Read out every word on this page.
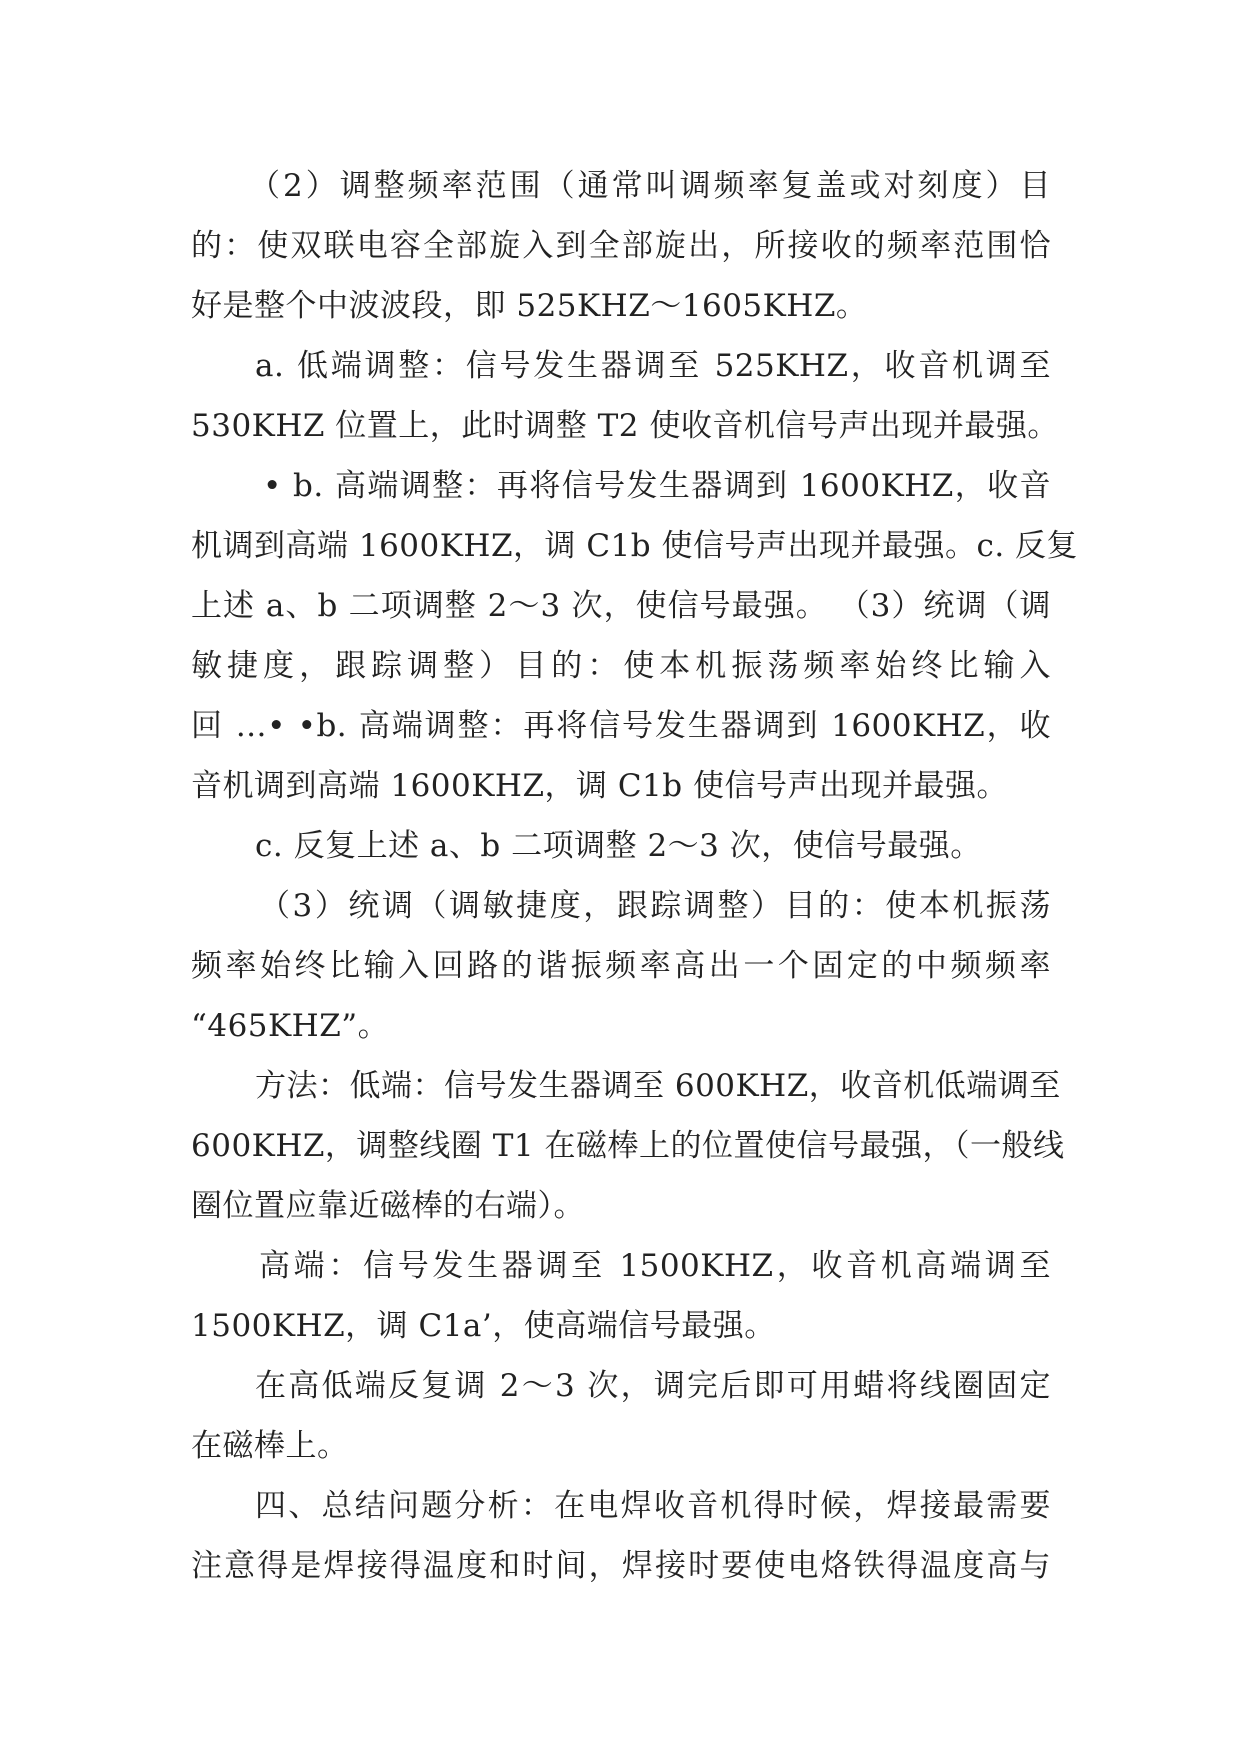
（2）调整频率范围（通常叫调频率复盖或对刻度）目
的：使双联电容全部旋入到全部旋出，所接收的频率范围恰
好是整个中波波段，即 525KHZ～1605KHZ。
a. 低端调整：信号发生器调至 525KHZ，收音机调至
530KHZ 位置上，此时调整 T2 使收音机信号声出现并最强。
• b. 高端调整：再将信号发生器调到 1600KHZ，收音
机调到高端 1600KHZ，调 C1b 使信号声出现并最强。c. 反复
上述 a、b 二项调整 2～3 次，使信号最强。 （3）统调（调
敏捷度，跟踪调整）目的：使本机振荡频率始终比输入
回 …• •b. 高端调整：再将信号发生器调到 1600KHZ，收
音机调到高端 1600KHZ，调 C1b 使信号声出现并最强。
c. 反复上述 a、b 二项调整 2～3 次，使信号最强。
（3）统调（调敏捷度，跟踪调整）目的：使本机振荡
频率始终比输入回路的谐振频率高出一个固定的中频频率
“465KHZ”。
方法：低端：信号发生器调至 600KHZ，收音机低端调至
600KHZ，调整线圈 T1 在磁棒上的位置使信号最强，（一般线
圈位置应靠近磁棒的右端）。
高端：信号发生器调至 1500KHZ，收音机高端调至
1500KHZ，调 C1a’，使高端信号最强。
在高低端反复调 2～3 次，调完后即可用蜡将线圈固定
在磁棒上。
四、总结问题分析：在电焊收音机得时候，焊接最需要
注意得是焊接得温度和时间，焊接时要使电烙铁得温度高与
